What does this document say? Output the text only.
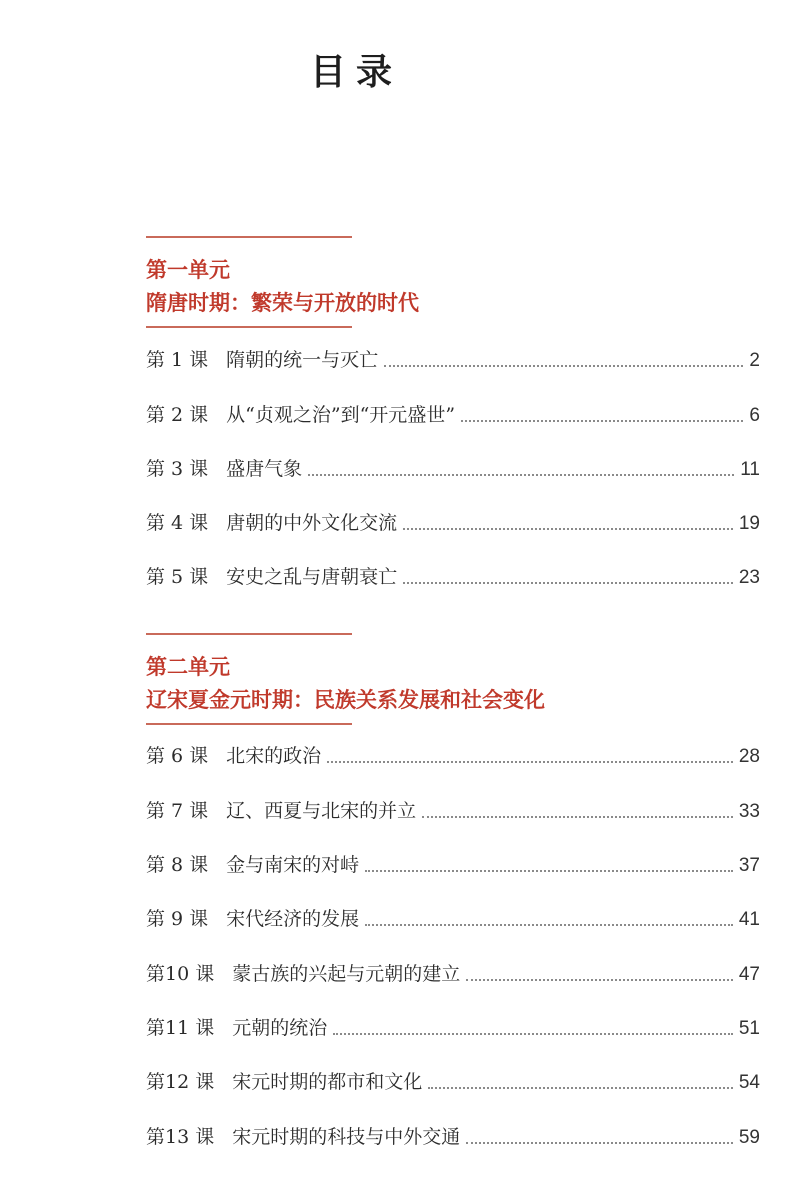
目录
第一单元
隋唐时期：繁荣与开放的时代
第 1 课 隋朝的统一与灭亡	2
第 2 课 从“贞观之治”到“开元盛世”	6
第 3 课 盛唐气象	11
第 4 课 唐朝的中外文化交流	19
第 5 课 安史之乱与唐朝衰亡	23
第二单元
辽宋夏金元时期：民族关系发展和社会变化
第 6 课 北宋的政治	28
第 7 课 辽、西夏与北宋的并立	33
第 8 课 金与南宋的对峙	37
第 9 课 宋代经济的发展	41
第10 课 蒙古族的兴起与元朝的建立	47
第11 课 元朝的统治	51
第12 课 宋元时期的都市和文化	54
第13 课 宋元时期的科技与中外交通	59
